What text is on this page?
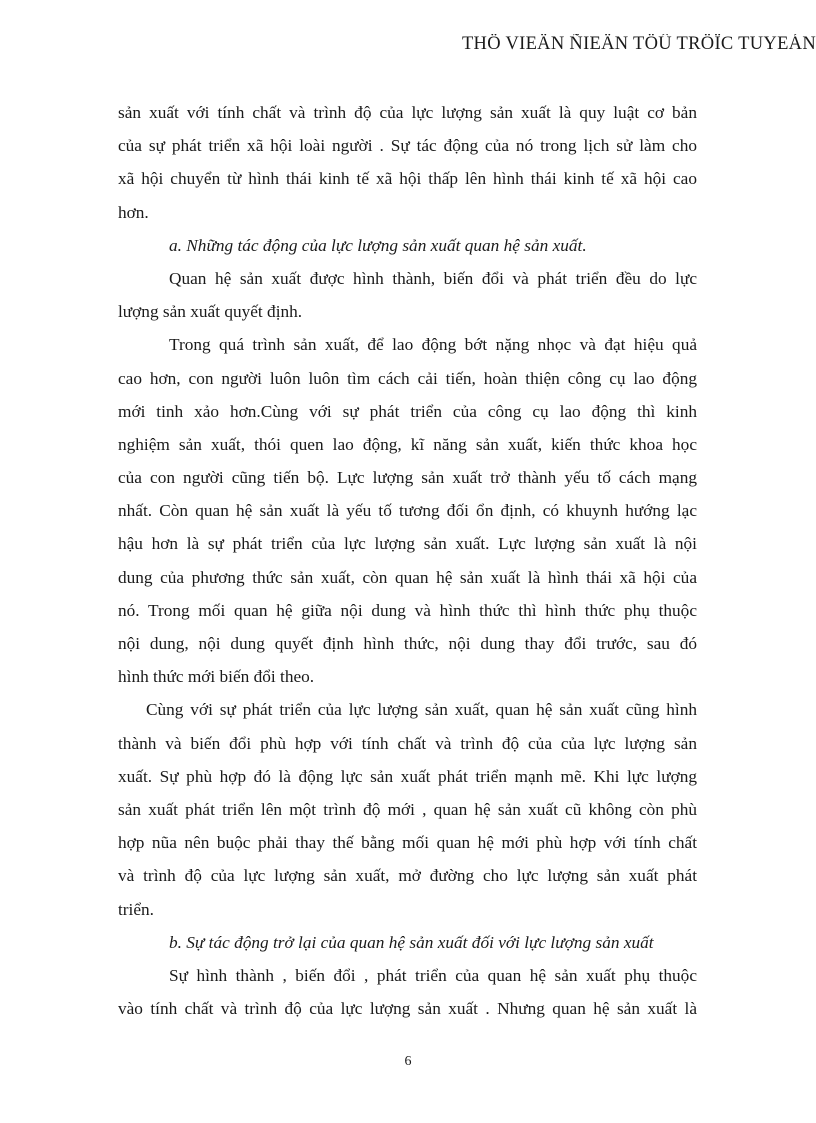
THÖ VIEÄN ÑIEÄN TÖÛ TRÖÏC TUYEÁN
sản xuất với tính chất và trình độ của lực lượng sản xuất là quy luật cơ bản
của sự phát triển xã hội loài người . Sự tác động của nó trong lịch sử làm cho
xã hội chuyển từ hình thái kinh tế xã hội thấp lên hình thái kinh tế xã hội cao
hơn.
a. Những tác động của lực lượng sản xuất quan hệ sản xuất.
Quan hệ sản xuất được hình thành, biến đổi và phát triển đều do lực
lượng sản xuất quyết định.
Trong quá trình sản xuất, để lao động bớt nặng nhọc và đạt hiệu quả
cao hơn, con người luôn luôn tìm cách cải tiến, hoàn thiện công cụ lao động
mới tinh xảo hơn.Cùng với sự phát triển của công cụ lao động thì kinh
nghiệm sản xuất, thói quen lao động, kĩ năng sản xuất, kiến thức khoa học
của con người cũng tiến bộ. Lực lượng sản xuất trở thành yếu tố cách mạng
nhất. Còn quan hệ sản xuất là yếu tố tương đối ổn định, có khuynh hướng lạc
hậu hơn là sự phát triển của lực lượng sản xuất. Lực lượng sản xuất là nội
dung của phương thức sản xuất, còn quan hệ sản xuất là hình thái xã hội của
nó. Trong mối quan hệ giữa nội dung và hình thức thì hình thức phụ thuộc
nội dung, nội dung quyết định hình thức, nội dung thay đổi trước, sau đó
hình thức mới biến đổi theo.
Cùng với sự phát triển của lực lượng sản xuất, quan hệ sản xuất cũng hình
thành và biến đổi phù hợp với tính chất và trình độ của của lực lượng sản
xuất. Sự phù hợp đó là động lực sản xuất phát triển mạnh mẽ. Khi lực lượng
sản xuất phát triển lên một trình độ mới , quan hệ sản xuất cũ không còn phù
hợp nũa nên buộc phải thay thế bằng mối quan hệ mới phù hợp với tính chất
và trình độ của lực lượng sản xuất, mở đường cho lực lượng sản xuất phát
triển.
b. Sự tác động trở lại của quan hệ sản xuất đối với lực lượng sản xuất
Sự hình thành , biến đổi , phát triển của quan hệ sản xuất phụ thuộc
vào tính chất và trình độ của lực lượng sản xuất . Nhưng quan hệ sản xuất là
6
